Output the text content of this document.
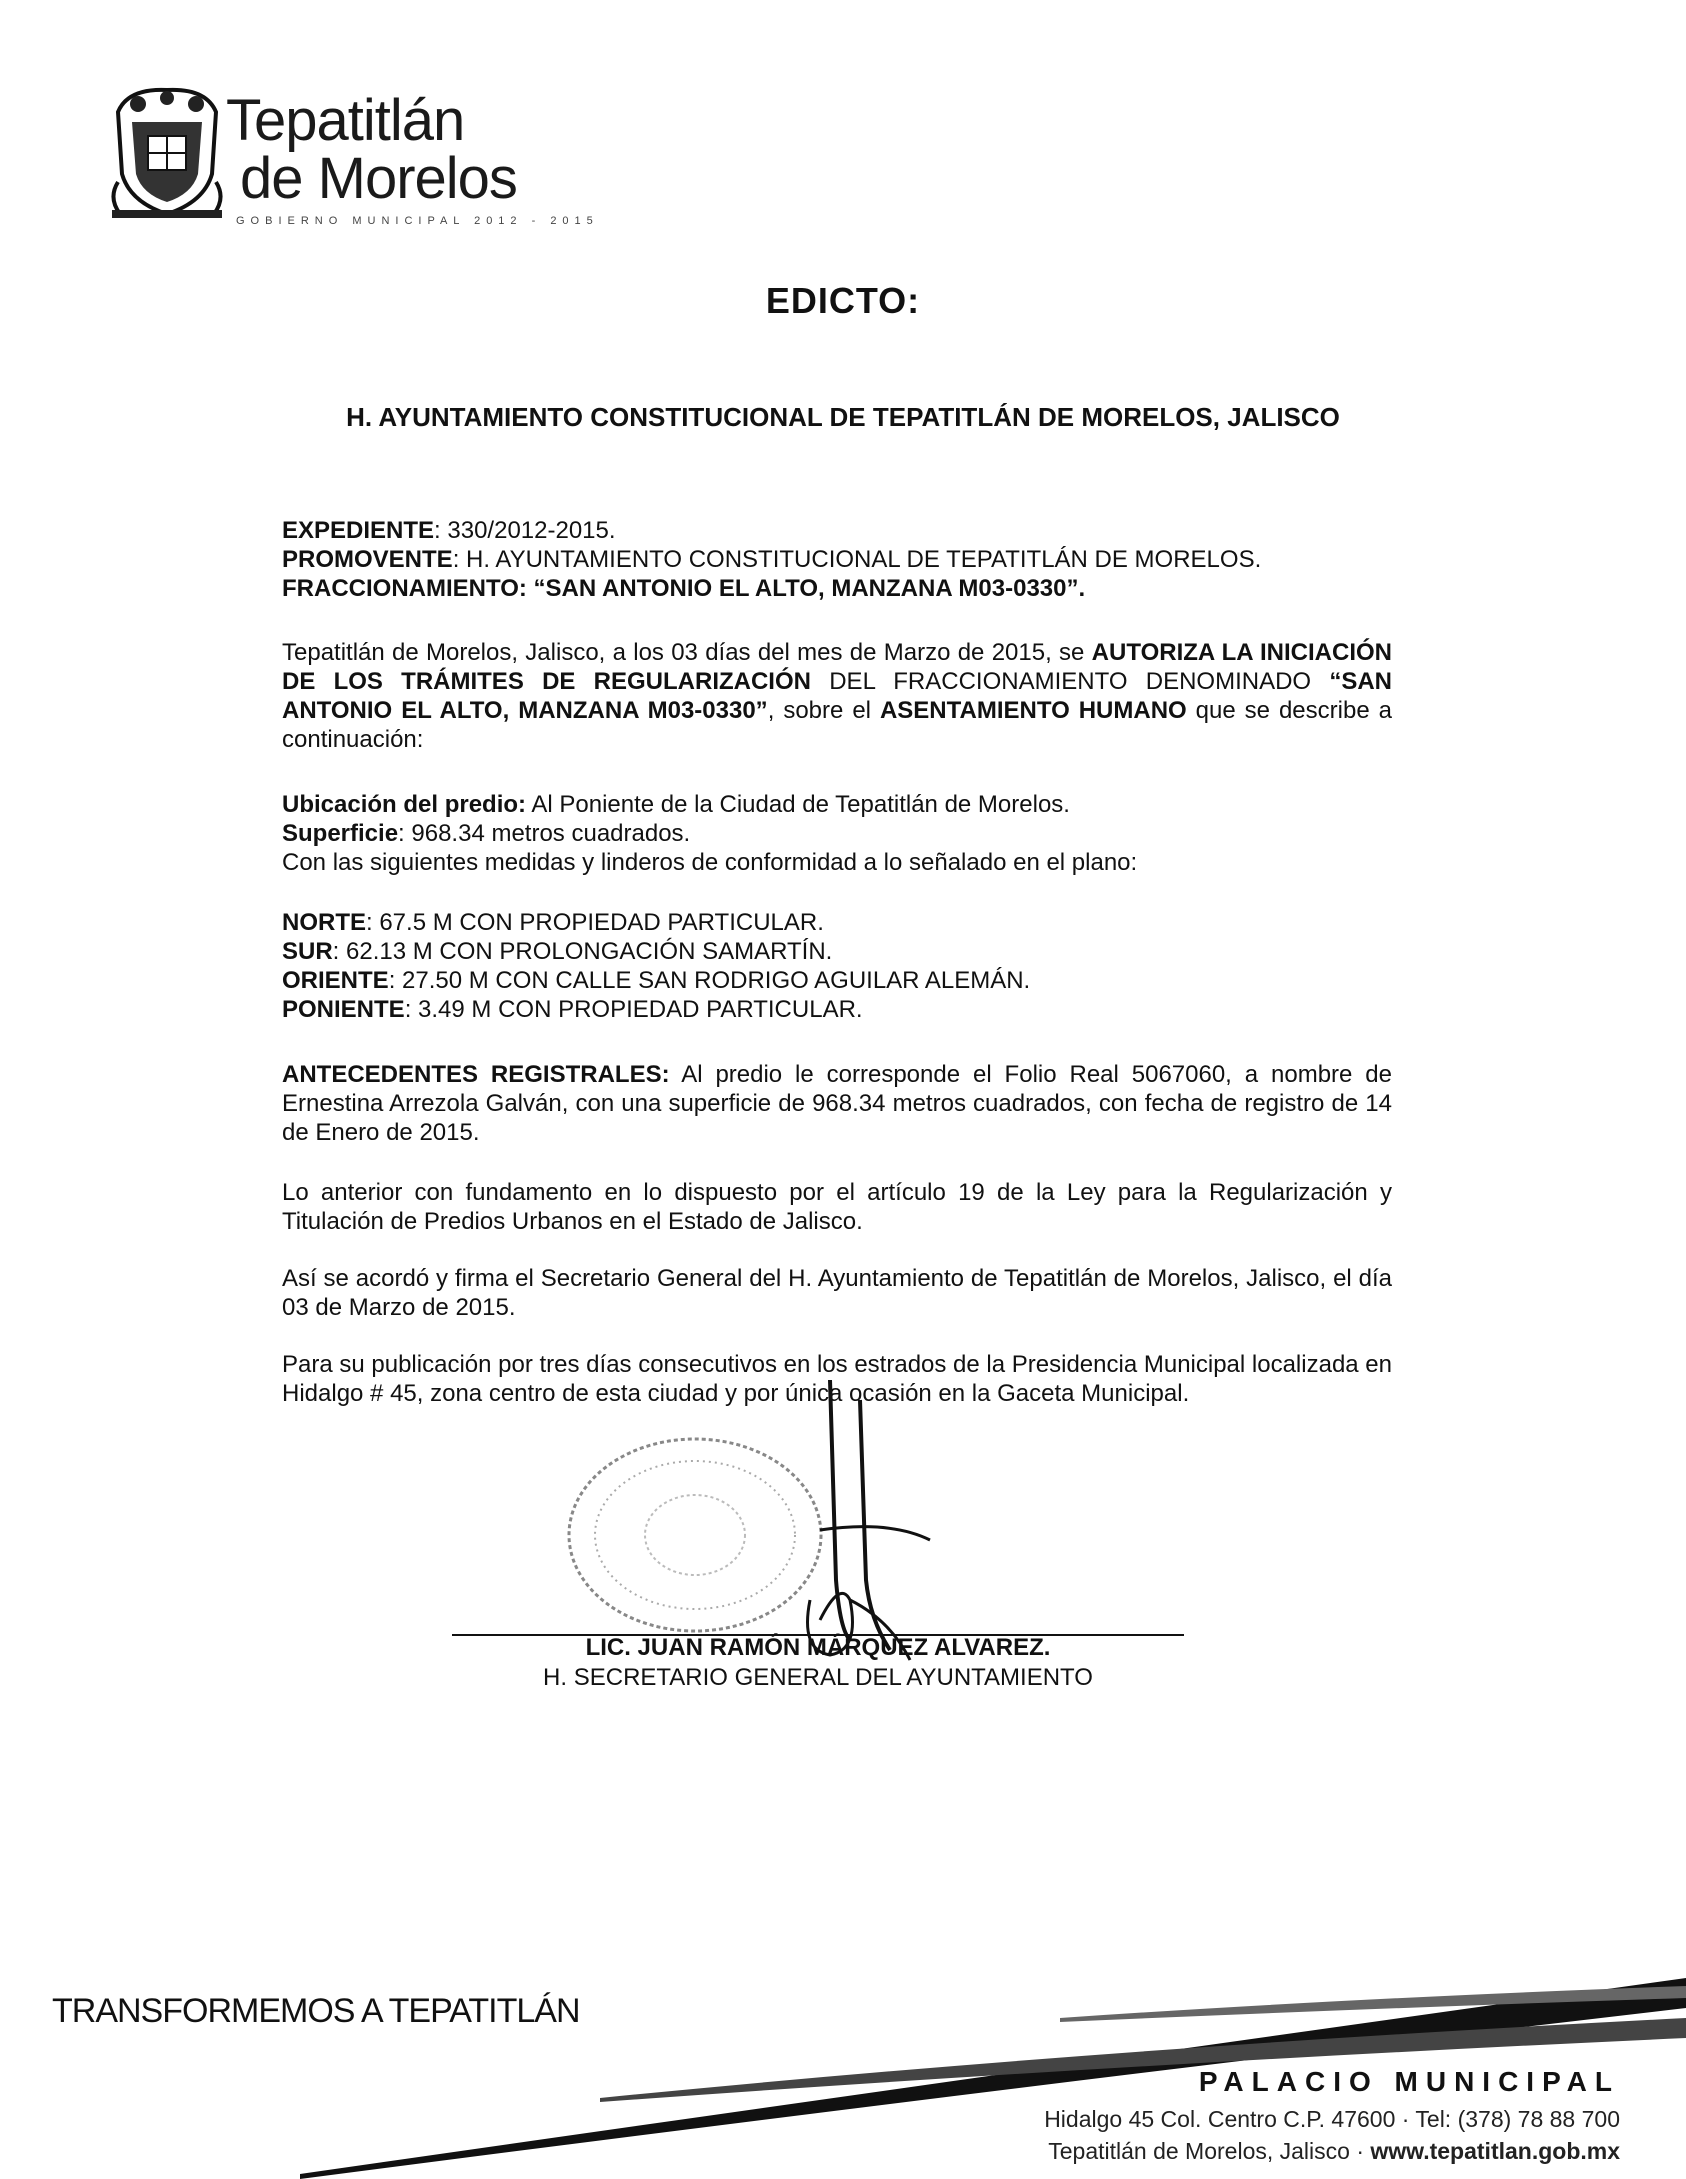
Tepatitlán
de Morelos
GOBIERNO MUNICIPAL 2012 - 2015
EDICTO:
H. AYUNTAMIENTO CONSTITUCIONAL DE TEPATITLÁN DE MORELOS, JALISCO

EXPEDIENTE: 330/2012-2015.

PROMOVENTE: H. AYUNTAMIENTO CONSTITUCIONAL DE TEPATITLÁN DE MORELOS.

FRACCIONAMIENTO: “SAN ANTONIO EL ALTO, MANZANA M03-0330”.

Tepatitlán de Morelos, Jalisco, a los 03 días del mes de Marzo de 2015, se AUTORIZA LA INICIACIÓN DE LOS TRÁMITES DE REGULARIZACIÓN DEL FRACCIONAMIENTO DENOMINADO “SAN ANTONIO EL ALTO, MANZANA M03-0330”, sobre el ASENTAMIENTO HUMANO que se describe a continuación:

Ubicación del predio: Al Poniente de la Ciudad de Tepatitlán de Morelos.

Superficie: 968.34 metros cuadrados.

Con las siguientes medidas y linderos de conformidad a lo señalado en el plano:

NORTE: 67.5 M CON PROPIEDAD PARTICULAR.

SUR: 62.13 M CON PROLONGACIÓN SAMARTÍN.

ORIENTE: 27.50 M CON CALLE SAN RODRIGO AGUILAR ALEMÁN.

PONIENTE: 3.49 M CON PROPIEDAD PARTICULAR.

ANTECEDENTES REGISTRALES: Al predio le corresponde el Folio Real 5067060, a nombre de Ernestina Arrezola Galván, con una superficie de 968.34 metros cuadrados, con fecha de registro de 14 de Enero de 2015.

Lo anterior con fundamento en lo dispuesto por el artículo 19 de la Ley para la Regularización y Titulación de Predios Urbanos en el Estado de Jalisco.

Así se acordó y firma el Secretario General del H. Ayuntamiento de Tepatitlán de Morelos, Jalisco, el día 03 de Marzo de 2015.

Para su publicación por tres días consecutivos en los estrados de la Presidencia Municipal localizada en Hidalgo # 45, zona centro de esta ciudad y por única ocasión en la Gaceta Municipal.

LIC. JUAN RAMÓN MÁRQUEZ ALVAREZ.
H. SECRETARIO GENERAL DEL AYUNTAMIENTO
TRANSFORMEMOS A TEPATITLÁN
PALACIO MUNICIPAL
Hidalgo 45 Col. Centro C.P. 47600 · Tel: (378) 78 88 700
Tepatitlán de Morelos, Jalisco · www.tepatitlan.gob.mx
